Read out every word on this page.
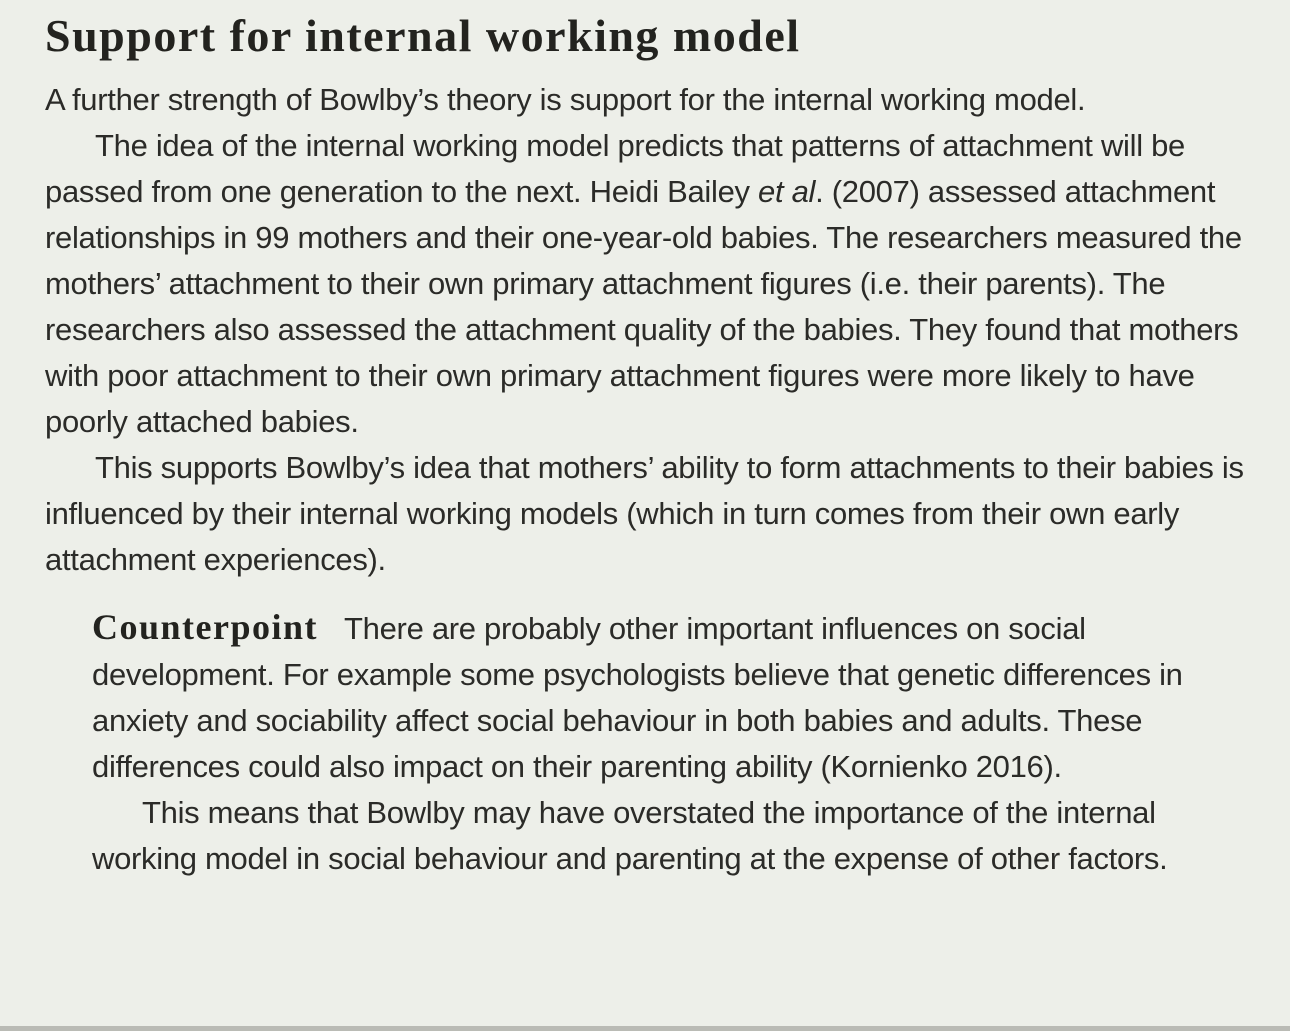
Support for internal working model

A further strength of Bowlby’s theory is support for the internal working model.

The idea of the internal working model predicts that patterns of attachment will be passed from one generation to the next. Heidi Bailey et al. (2007) assessed attachment relationships in 99 mothers and their one-year-old babies. The researchers measured the mothers’ attachment to their own primary attachment figures (i.e. their parents). The researchers also assessed the attachment quality of the babies. They found that mothers with poor attachment to their own primary attachment figures were more likely to have poorly attached babies.

This supports Bowlby’s idea that mothers’ ability to form attachments to their babies is influenced by their internal working models (which in turn comes from their own early attachment experiences).

Counterpoint There are probably other important influences on social development. For example some psychologists believe that genetic differences in anxiety and sociability affect social behaviour in both babies and adults. These differences could also impact on their parenting ability (Kornienko 2016).

This means that Bowlby may have overstated the importance of the internal working model in social behaviour and parenting at the expense of other factors.
